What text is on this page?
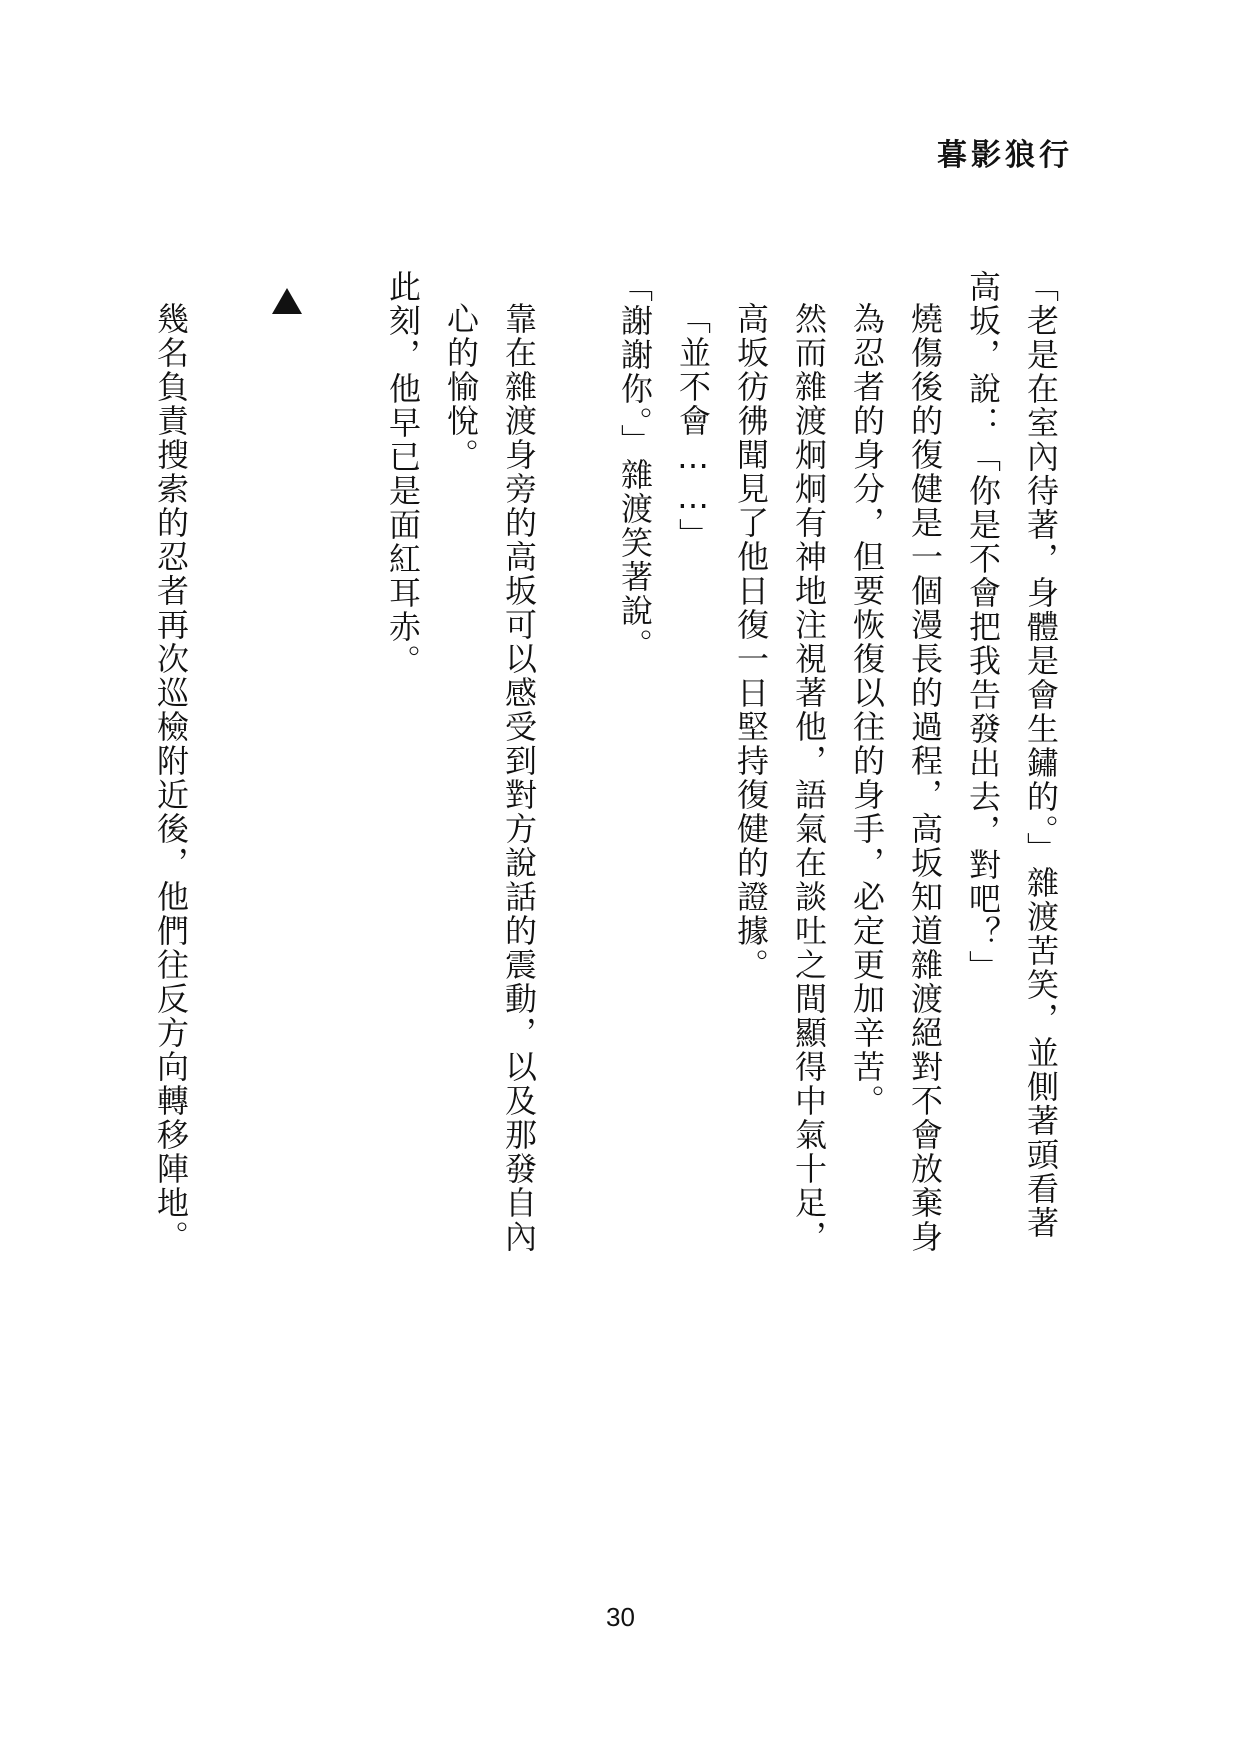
暮影狼行

「老是在室內待著，身體是會生鏽的。」雜渡苦笑，並側著頭看著高坂，說：「你是不會把我告發出去，對吧？」

燒傷後的復健是一個漫長的過程，高坂知道雜渡絕對不會放棄身為忍者的身分，但要恢復以往的身手，必定更加辛苦。

然而雜渡炯炯有神地注視著他，語氣在談吐之間顯得中氣十足，高坂彷彿聞見了他日復一日堅持復健的證據。

「並不會……」

「謝謝你。」雜渡笑著說。

靠在雜渡身旁的高坂可以感受到對方說話的震動，以及那發自內心的愉悅。

此刻，他早已是面紅耳赤。

幾名負責搜索的忍者再次巡檢附近後，他們往反方向轉移陣地。

30
